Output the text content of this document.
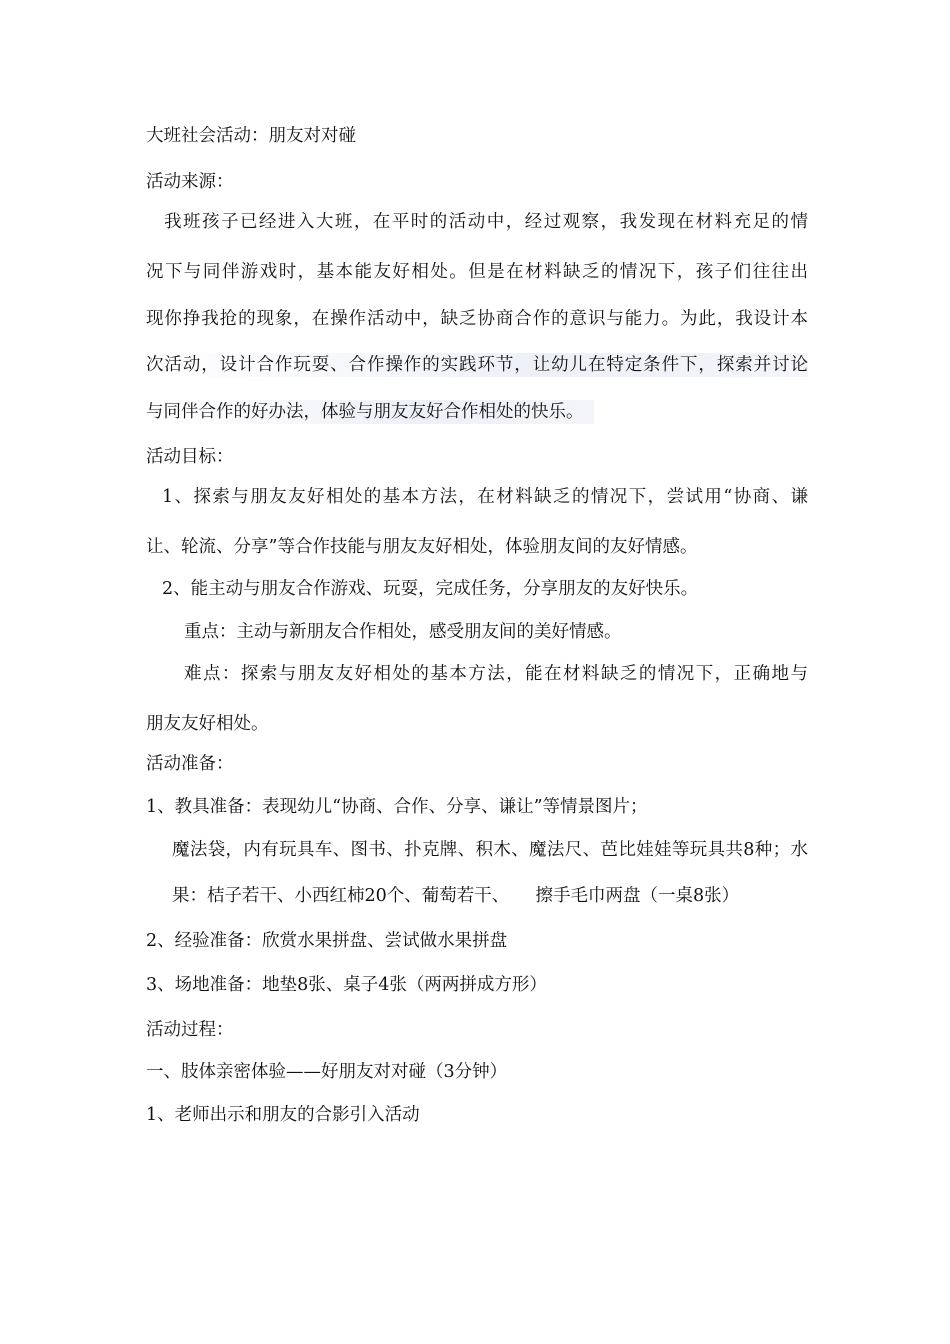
大班社会活动：朋友对对碰
活动来源：
我班孩子已经进入大班，在平时的活动中，经过观察，我发现在材料充足的情
况下与同伴游戏时，基本能友好相处。但是在材料缺乏的情况下，孩子们往往出
现你挣我抢的现象，在操作活动中，缺乏协商合作的意识与能力。为此，我设计本
次活动，设计合作玩耍、合作操作的实践环节，让幼儿在特定条件下，探索并讨论
与同伴合作的好办法，体验与朋友友好合作相处的快乐。
活动目标：
1、探索与朋友友好相处的基本方法，在材料缺乏的情况下，尝试用“协商、谦
让、轮流、分享”等合作技能与朋友友好相处，体验朋友间的友好情感。
2、能主动与朋友合作游戏、玩耍，完成任务，分享朋友的友好快乐。
重点：主动与新朋友合作相处，感受朋友间的美好情感。
难点：探索与朋友友好相处的基本方法，能在材料缺乏的情况下，正确地与
朋友友好相处。
活动准备：
1、教具准备：表现幼儿“协商、合作、分享、谦让”等情景图片；
魔法袋，内有玩具车、图书、扑克牌、积木、魔法尺、芭比娃娃等玩具共8种；水
果：桔子若干、小西红柿20个、葡萄若干、　　擦手毛巾两盘（一桌8张）
2、经验准备：欣赏水果拼盘、尝试做水果拼盘
3、场地准备：地垫8张、桌子4张（两两拼成方形）
活动过程：
一、肢体亲密体验——好朋友对对碰（3分钟）
1、老师出示和朋友的合影引入活动
